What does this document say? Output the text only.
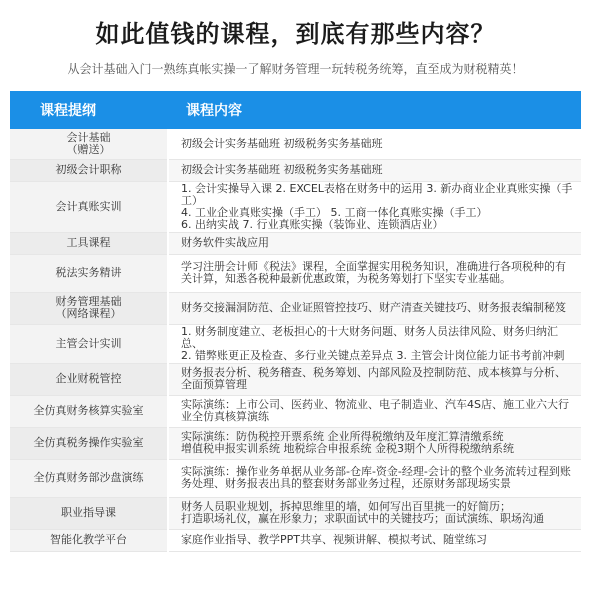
如此值钱的课程，到底有那些内容？
从会计基础入门一熟练真帐实操一了解财务管理一玩转税务统筹，直至成为财税精英！
课程提纲	课程内容
会计基础
（赠送）	初级会计实务基础班 初级税务实务基础班
初级会计职称	初级会计实务基础班 初级税务实务基础班
会计真账实训	1. 会计实操导入课 2. EXCEL表格在财务中的运用 3. 新办商业企业真账实操（手工）
4. 工业企业真账实操（手工） 5. 工商一体化真账实操（手工）
6. 出纳实战 7. 行业真账实操（装饰业、连锁酒店业）
工具课程	财务软件实战应用
税法实务精讲	学习注册会计师《税法》课程，全面掌握实用税务知识，准确进行各项税种的有关计算，知悉各税种最新优惠政策，为税务筹划打下坚实专业基础。
财务管理基础
（网络课程）	财务交接漏洞防范、企业证照管控技巧、财产清查关键技巧、财务报表编制秘笈
主管会计实训	1. 财务制度建立、老板担心的十大财务问题、财务人员法律风险、财务归纳汇总、
2. 错弊账更正及检查、多行业关键点差异点 3. 主管会计岗位能力证书考前冲刺
企业财税管控	财务报表分析、税务稽查、税务筹划、内部风险及控制防范、成本核算与分析、全面预算管理
全仿真财务核算实验室	实际演练：上市公司、医药业、物流业、电子制造业、汽车4S店、施工业六大行业全仿真核算演练
全仿真税务操作实验室	实际演练：防伪税控开票系统 企业所得税缴纳及年度汇算清缴系统
增值税申报实训系统 地税综合申报系统 金税3期个人所得税缴纳系统
全仿真财务部沙盘演练	实际演练：操作业务单据从业务部-仓库-资金-经理-会计的整个业务流转过程到账务处理、财务报表出具的整套财务部业务过程，还原财务部现场实景
职业指导课	财务人员职业规划，拆掉思维里的墙，如何写出百里挑一的好简历；
打造职场礼仪，赢在形象力；求职面试中的关键技巧；面试演练、职场沟通
智能化教学平台	家庭作业指导、教学PPT共享、视频讲解、模拟考试、随堂练习
